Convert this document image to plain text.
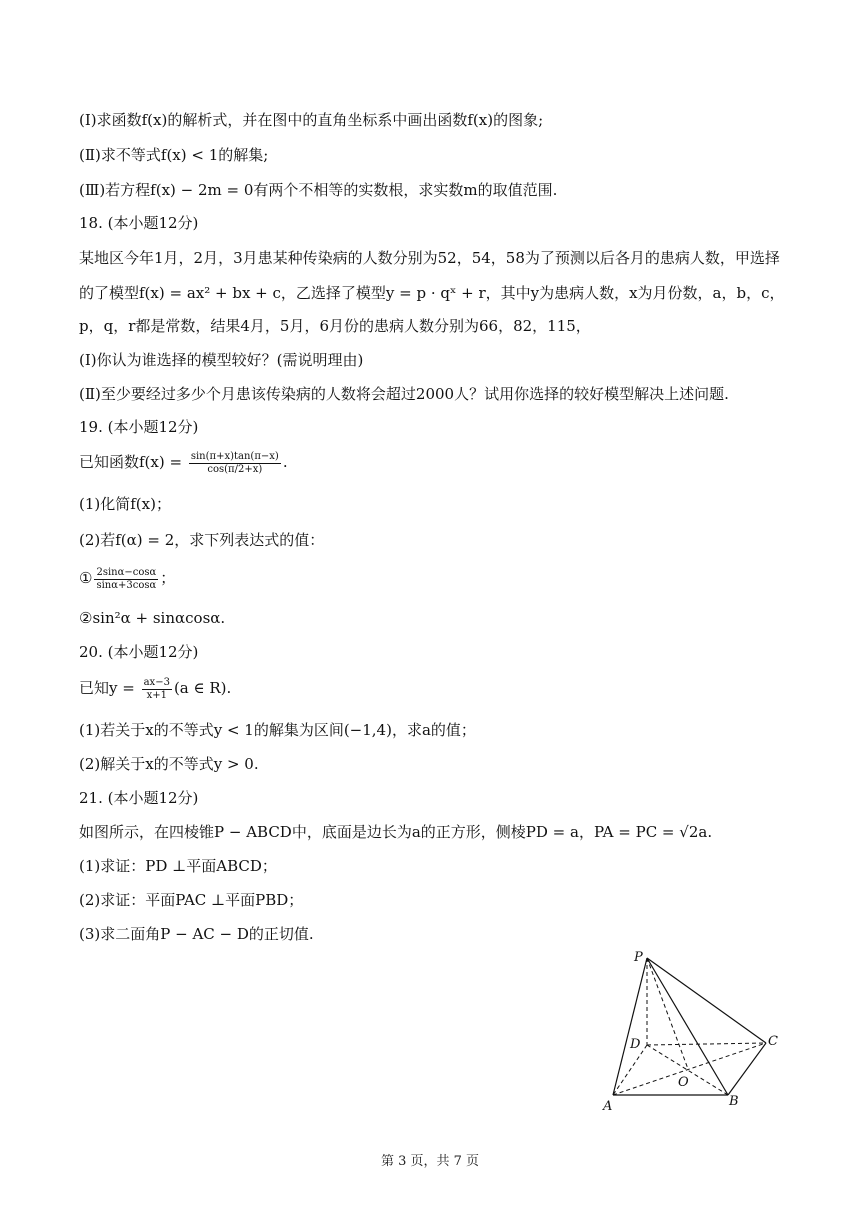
(Ⅰ)求函数f(x)的解析式，并在图中的直角坐标系中画出函数f(x)的图象;
(Ⅱ)求不等式f(x) < 1的解集;
(Ⅲ)若方程f(x) − 2m = 0有两个不相等的实数根，求实数m的取值范围.
18. (本小题12分)
某地区今年1月，2月，3月患某种传染病的人数分别为52，54，58为了预测以后各月的患病人数，甲选择
的了模型f(x) = ax² + bx + c，乙选择了模型y = p · qˣ + r，其中y为患病人数，x为月份数，a，b，c，
p，q，r都是常数，结果4月，5月，6月份的患病人数分别为66，82，115，
(Ⅰ)你认为谁选择的模型较好？(需说明理由)
(Ⅱ)至少要经过多少个月患该传染病的人数将会超过2000人？试用你选择的较好模型解决上述问题.
19. (本小题12分)
已知函数$f(x) = \frac{\sin(\pi+x)\tan(\pi-x)}{\cos(\pi/2+x)}$ .
(1)化简f(x)；
(2)若f(α) = 2，求下列表达式的值：
① $\frac{2\sin\alpha-\cos\alpha}{\sin\alpha+3\cos\alpha}$ ；
②sin²α + sinαcosα.
20. (本小题12分)
已知$y = \frac{ax-3}{x+1} (a$ ∈ R).
(1)若关于x的不等式y < 1的解集为区间(−1,4)，求a的值；
(2)解关于x的不等式y > 0.
21. (本小题12分)
如图所示，在四棱锥P − ABCD中，底面是边长为a的正方形，侧棱PD = a，PA = PC = √2a.
(1)求证：PD ⊥平面ABCD；
(2)求证：平面PAC ⊥平面PBD；
(3)求二面角P − AC − D的正切值.
P
D	C
O
A	B
第 3 页，共 7 页
